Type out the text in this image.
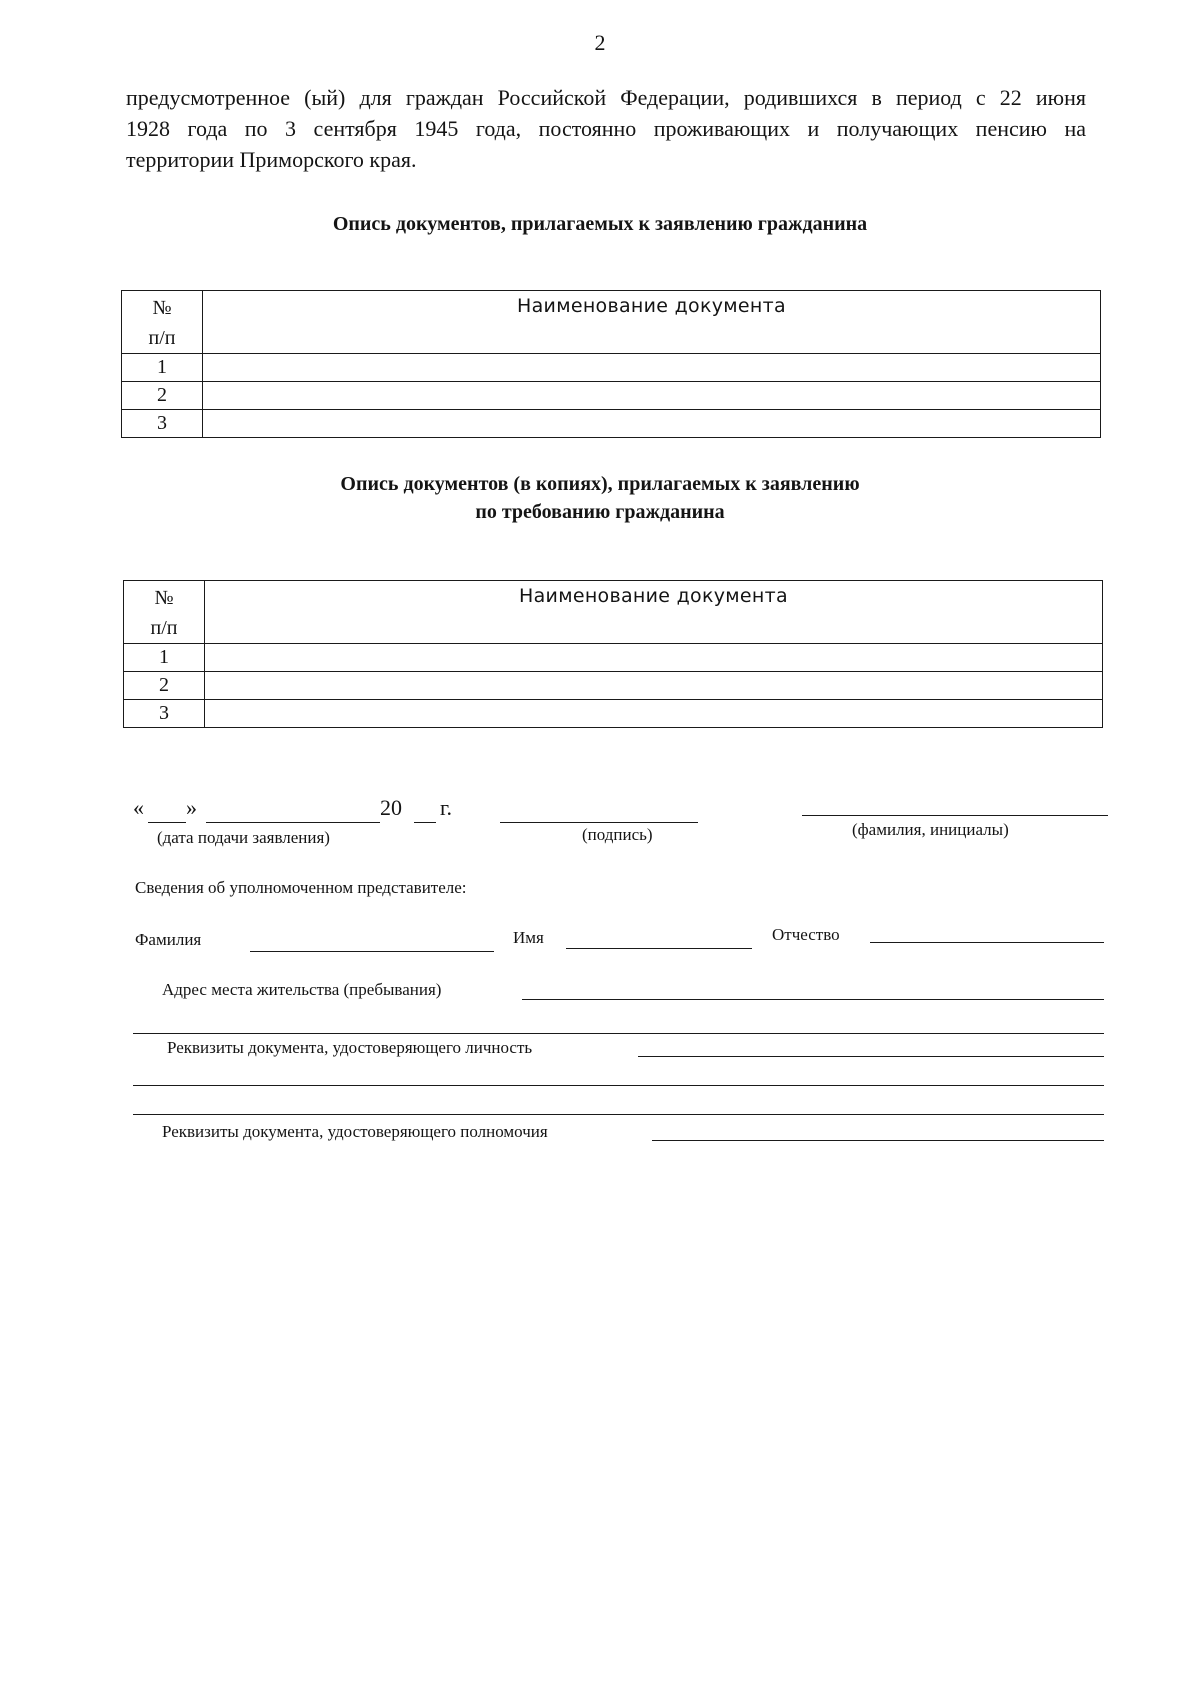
2
предусмотренное (ый) для граждан Российской Федерации, родившихся в период с 22 июня
1928 года по 3 сентября 1945 года, постоянно проживающих и получающих пенсию на
территории Приморского края.
Опись документов, прилагаемых к заявлению гражданина
№
п/п	Наименование документа
1	
2	
3	
Опись документов (в копиях), прилагаемых к заявлению
по требованию гражданина
№
п/п	Наименование документа
1	
2	
3	
« »	20 г.
(дата подачи заявления)	(подпись)	(фамилия, инициалы)
Сведения об уполномоченном представителе:
Фамилия	Имя	Отчество
Адрес места жительства (пребывания)
Реквизиты документа, удостоверяющего личность
Реквизиты документа, удостоверяющего полномочия
